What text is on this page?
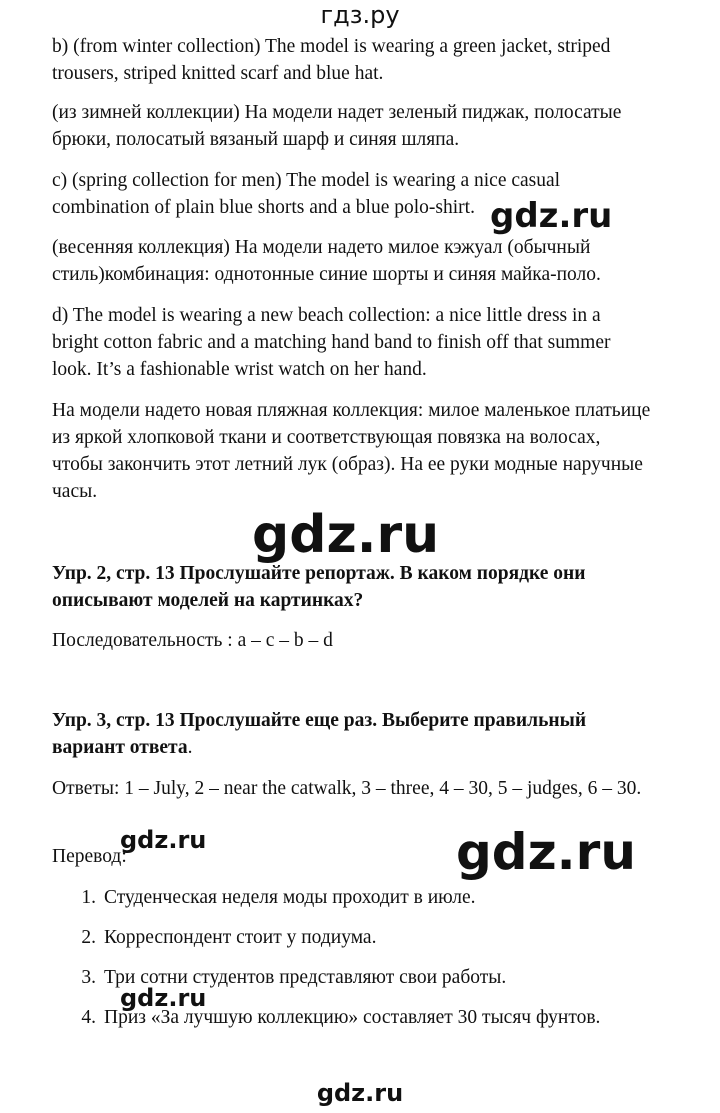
гдз.ру
b) (from winter collection) The model is wearing a green jacket, striped trousers, striped knitted scarf and blue hat.
(из зимней коллекции) На модели надет зеленый пиджак, полосатые брюки, полосатый вязаный шарф и синяя шляпа.
c) (spring collection for men) The model is wearing a nice casual combination of plain blue shorts and a blue polo-shirt. gdz.ru
(весенняя коллекция) На модели надето милое кэжуал (обычный стиль)комбинация: однотонные синие шорты и синяя майка-поло.
d) The model is wearing a new beach collection: a nice little dress in a bright cotton fabric and a matching hand band to finish off that summer look. It’s a fashionable wrist watch on her hand.
На модели надето новая пляжная коллекция: милое маленькое платьице из яркой хлопковой ткани и соответствующая повязка на волосах, чтобы закончить этот летний лук (образ). На ее руки модные наручные часы.
gdz.ru
Упр. 2, стр. 13 Прослушайте репортаж. В каком порядке они описывают моделей на картинках?
Последовательность : a – c – b – d
Упр. 3, стр. 13 Прослушайте еще раз. Выберите правильный вариант ответа.
Ответы: 1 – July, 2 – near the catwalk, 3 – three, 4 – 30, 5 – judges, 6 – 30.
gdz.ru
Перевод:	gdz.ru
1. Студенческая неделя моды проходит в июле.
2. Корреспондент стоит у подиума.
3. Три сотни студентов представляют свои работы.
4. Приз «За лучшую коллекцию» составляет 30 тысяч фунтов.
gdz.ru
gdz.ru
